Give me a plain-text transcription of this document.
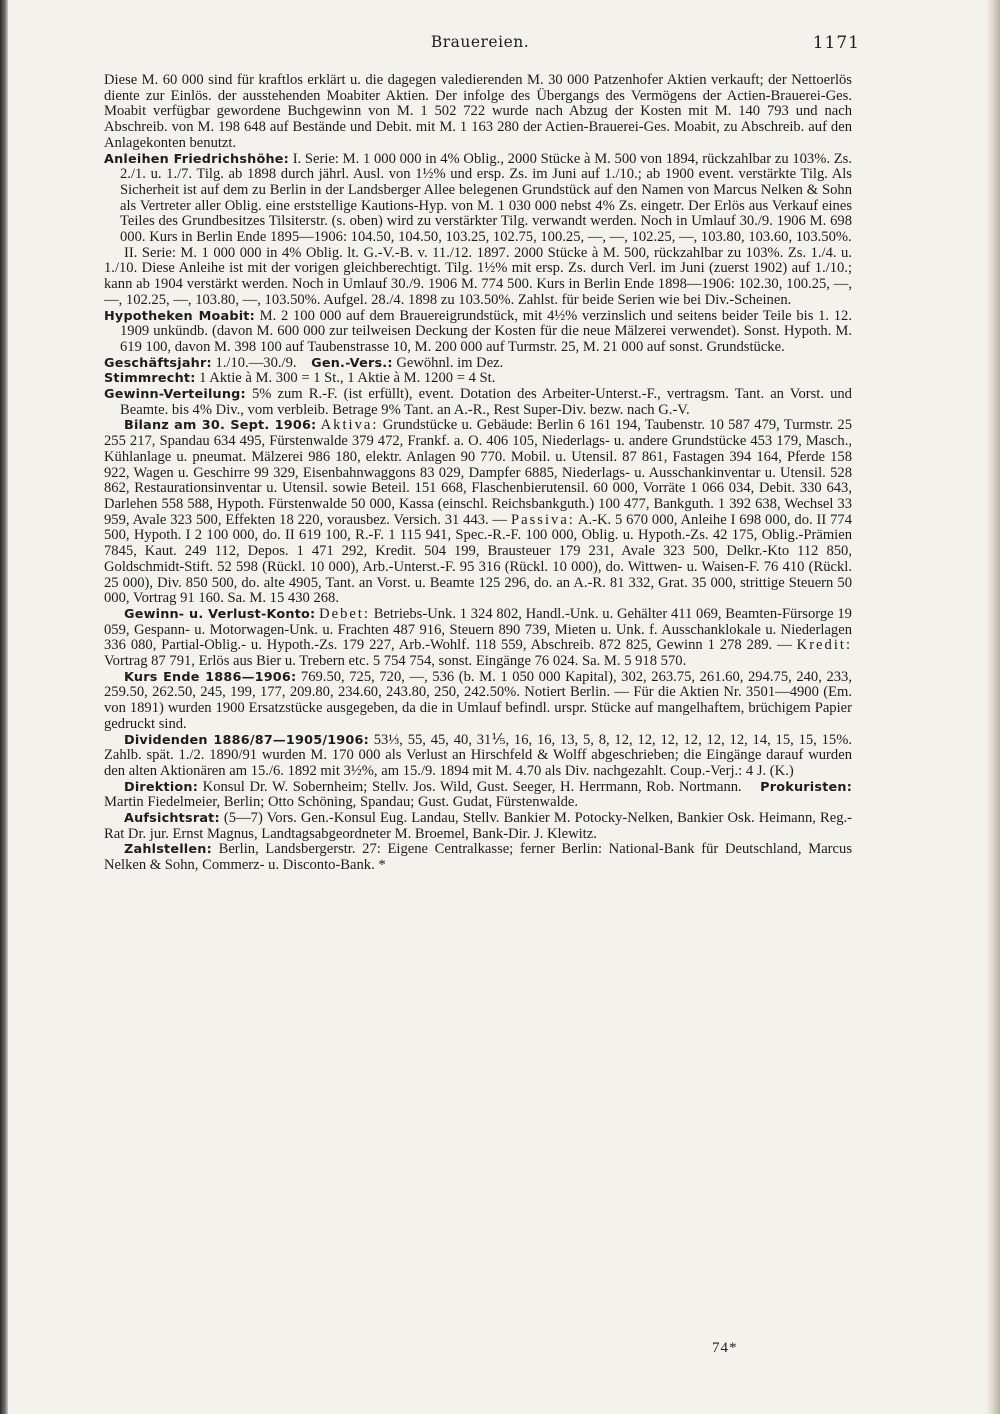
Brauereien.	1171

Diese M. 60 000 sind für kraftlos erklärt u. die dagegen valedierenden M. 30 000 Patzenhofer Aktien verkauft; der Nettoerlös diente zur Einlös. der ausstehenden Moabiter Aktien. Der infolge des Übergangs des Vermögens der Actien-Brauerei-Ges. Moabit verfügbar gewordene Buchgewinn von M. 1 502 722 wurde nach Abzug der Kosten mit M. 140 793 und nach Abschreib. von M. 198 648 auf Bestände und Debit. mit M. 1 163 280 der Actien-Brauerei-Ges. Moabit, zu Abschreib. auf den Anlagekonten benutzt.

Anleihen Friedrichshöhe: I. Serie: M. 1 000 000 in 4% Oblig., 2000 Stücke à M. 500 von 1894, rückzahlbar zu 103%. Zs. 2./1. u. 1./7. Tilg. ab 1898 durch jährl. Ausl. von 1½% und ersp. Zs. im Juni auf 1./10.; ab 1900 event. verstärkte Tilg. Als Sicherheit ist auf dem zu Berlin in der Landsberger Allee belegenen Grundstück auf den Namen von Marcus Nelken & Sohn als Vertreter aller Oblig. eine erststellige Kautions-Hyp. von M. 1 030 000 nebst 4% Zs. eingetr. Der Erlös aus Verkauf eines Teiles des Grundbesitzes Tilsiterstr. (s. oben) wird zu verstärkter Tilg. verwandt werden. Noch in Umlauf 30./9. 1906 M. 698 000. Kurs in Berlin Ende 1895—1906: 104.50, 104.50, 103.25, 102.75, 100.25, —, —, 102.25, —, 103.80, 103.60, 103.50%.

II. Serie: M. 1 000 000 in 4% Oblig. lt. G.-V.-B. v. 11./12. 1897. 2000 Stücke à M. 500, rückzahlbar zu 103%. Zs. 1./4. u. 1./10. Diese Anleihe ist mit der vorigen gleichberechtigt. Tilg. 1½% mit ersp. Zs. durch Verl. im Juni (zuerst 1902) auf 1./10.; kann ab 1904 verstärkt werden. Noch in Umlauf 30./9. 1906 M. 774 500. Kurs in Berlin Ende 1898—1906: 102.30, 100.25, —, —, 102.25, —, 103.80, —, 103.50%. Aufgel. 28./4. 1898 zu 103.50%. Zahlst. für beide Serien wie bei Div.-Scheinen.

Hypotheken Moabit: M. 2 100 000 auf dem Brauereigrundstück, mit 4½% verzinslich und seitens beider Teile bis 1. 12. 1909 unkündb. (davon M. 600 000 zur teilweisen Deckung der Kosten für die neue Mälzerei verwendet). Sonst. Hypoth. M. 619 100, davon M. 398 100 auf Taubenstrasse 10, M. 200 000 auf Turmstr. 25, M. 21 000 auf sonst. Grundstücke.

Geschäftsjahr: 1./10.—30./9. Gen.-Vers.: Gewöhnl. im Dez.

Stimmrecht: 1 Aktie à M. 300 = 1 St., 1 Aktie à M. 1200 = 4 St.

Gewinn-Verteilung: 5% zum R.-F. (ist erfüllt), event. Dotation des Arbeiter-Unterst.-F., vertragsm. Tant. an Vorst. und Beamte. bis 4% Div., vom verbleib. Betrage 9% Tant. an A.-R., Rest Super-Div. bezw. nach G.-V.

Bilanz am 30. Sept. 1906: Aktiva: Grundstücke u. Gebäude: Berlin 6 161 194, Taubenstr. 10 587 479, Turmstr. 25 255 217, Spandau 634 495, Fürstenwalde 379 472, Frankf. a. O. 406 105, Niederlags- u. andere Grundstücke 453 179, Masch., Kühlanlage u. pneumat. Mälzerei 986 180, elektr. Anlagen 90 770. Mobil. u. Utensil. 87 861, Fastagen 394 164, Pferde 158 922, Wagen u. Geschirre 99 329, Eisenbahnwaggons 83 029, Dampfer 6885, Niederlags- u. Ausschankinventar u. Utensil. 528 862, Restaurationsinventar u. Utensil. sowie Beteil. 151 668, Flaschenbierutensil. 60 000, Vorräte 1 066 034, Debit. 330 643, Darlehen 558 588, Hypoth. Fürstenwalde 50 000, Kassa (einschl. Reichsbankguth.) 100 477, Bankguth. 1 392 638, Wechsel 33 959, Avale 323 500, Effekten 18 220, vorausbez. Versich. 31 443. — Passiva: A.-K. 5 670 000, Anleihe I 698 000, do. II 774 500, Hypoth. I 2 100 000, do. II 619 100, R.-F. 1 115 941, Spec.-R.-F. 100 000, Oblig. u. Hypoth.-Zs. 42 175, Oblig.-Prämien 7845, Kaut. 249 112, Depos. 1 471 292, Kredit. 504 199, Brausteuer 179 231, Avale 323 500, Delkr.-Kto 112 850, Goldschmidt-Stift. 52 598 (Rückl. 10 000), Arb.-Unterst.-F. 95 316 (Rückl. 10 000), do. Wittwen- u. Waisen-F. 76 410 (Rückl. 25 000), Div. 850 500, do. alte 4905, Tant. an Vorst. u. Beamte 125 296, do. an A.-R. 81 332, Grat. 35 000, strittige Steuern 50 000, Vortrag 91 160. Sa. M. 15 430 268.

Gewinn- u. Verlust-Konto: Debet: Betriebs-Unk. 1 324 802, Handl.-Unk. u. Gehälter 411 069, Beamten-Fürsorge 19 059, Gespann- u. Motorwagen-Unk. u. Frachten 487 916, Steuern 890 739, Mieten u. Unk. f. Ausschanklokale u. Niederlagen 336 080, Partial-Oblig.- u. Hypoth.-Zs. 179 227, Arb.-Wohlf. 118 559, Abschreib. 872 825, Gewinn 1 278 289. — Kredit: Vortrag 87 791, Erlös aus Bier u. Trebern etc. 5 754 754, sonst. Eingänge 76 024. Sa. M. 5 918 570.

Kurs Ende 1886—1906: 769.50, 725, 720, —, 536 (b. M. 1 050 000 Kapital), 302, 263.75, 261.60, 294.75, 240, 233, 259.50, 262.50, 245, 199, 177, 209.80, 234.60, 243.80, 250, 242.50%. Notiert Berlin. — Für die Aktien Nr. 3501—4900 (Em. von 1891) wurden 1900 Ersatzstücke ausgegeben, da die in Umlauf befindl. urspr. Stücke auf mangelhaftem, brüchigem Papier gedruckt sind.

Dividenden 1886/87—1905/1906: 53⅓, 55, 45, 40, 31⅕, 16, 16, 13, 5, 8, 12, 12, 12, 12, 12, 12, 14, 15, 15, 15%. Zahlb. spät. 1./2. 1890/91 wurden M. 170 000 als Verlust an Hirschfeld & Wolff abgeschrieben; die Eingänge darauf wurden den alten Aktionären am 15./6. 1892 mit 3½%, am 15./9. 1894 mit M. 4.70 als Div. nachgezahlt. Coup.-Verj.: 4 J. (K.)

Direktion: Konsul Dr. W. Sobernheim; Stellv. Jos. Wild, Gust. Seeger, H. Herrmann, Rob. Nortmann. Prokuristen: Martin Fiedelmeier, Berlin; Otto Schöning, Spandau; Gust. Gudat, Fürstenwalde.

Aufsichtsrat: (5—7) Vors. Gen.-Konsul Eug. Landau, Stellv. Bankier M. Potocky-Nelken, Bankier Osk. Heimann, Reg.-Rat Dr. jur. Ernst Magnus, Landtagsabgeordneter M. Broemel, Bank-Dir. J. Klewitz.

Zahlstellen: Berlin, Landsbergerstr. 27: Eigene Centralkasse; ferner Berlin: National-Bank für Deutschland, Marcus Nelken & Sohn, Commerz- u. Disconto-Bank. *

74*
